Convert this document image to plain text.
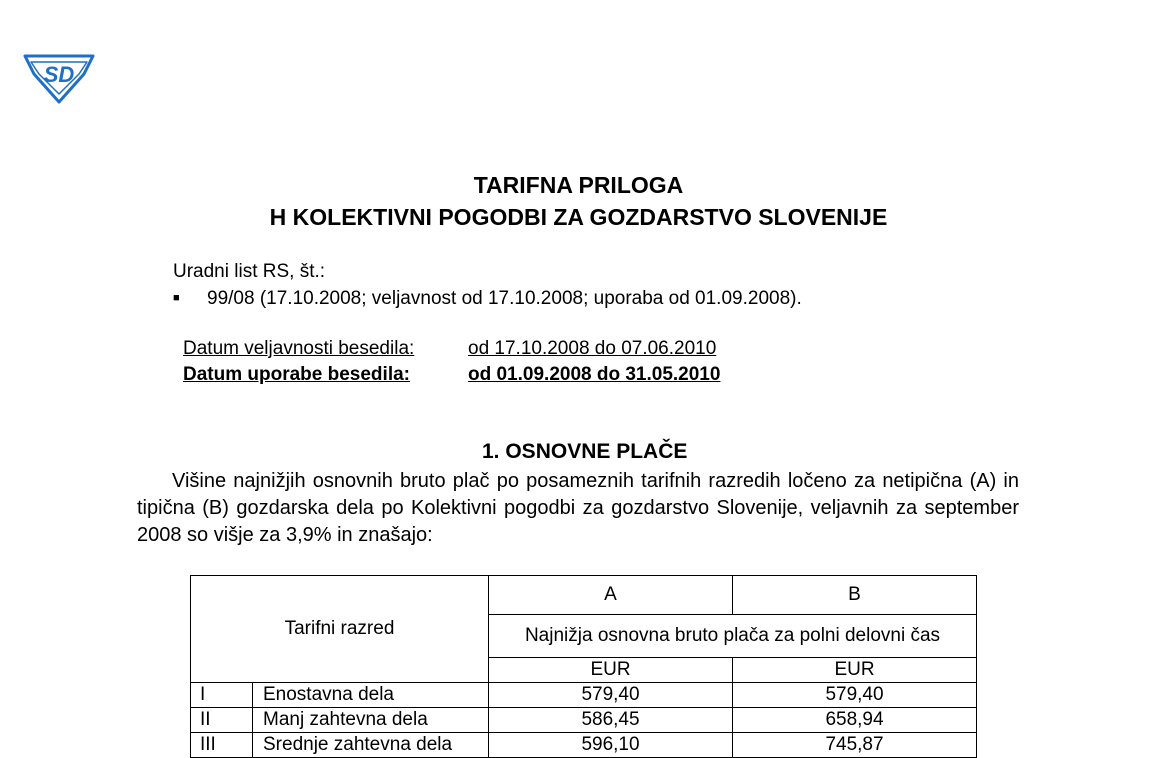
SD
TARIFNA PRILOGA
H KOLEKTIVNI POGODBI ZA GOZDARSTVO SLOVENIJE
Uradni list RS, št.:
■ 99/08 (17.10.2008; veljavnost od 17.10.2008; uporaba od 01.09.2008).
Datum veljavnosti besedila:	od 17.10.2008 do 07.06.2010
Datum uporabe besedila:	od 01.09.2008 do 31.05.2010
1. OSNOVNE PLAČE
Višine najnižjih osnovnih bruto plač po posameznih tarifnih razredih ločeno za netipična (A) in tipična (B) gozdarska dela po Kolektivni pogodbi za gozdarstvo Slovenije, veljavnih za september 2008 so višje za 3,9% in znašajo:
Tarifni razred		A	B
		Najnižja osnovna bruto plača za polni delovni čas	
		EUR	EUR
I	Enostavna dela	579,40	579,40
II	Manj zahtevna dela	586,45	658,94
III	Srednje zahtevna dela	596,10	745,87
